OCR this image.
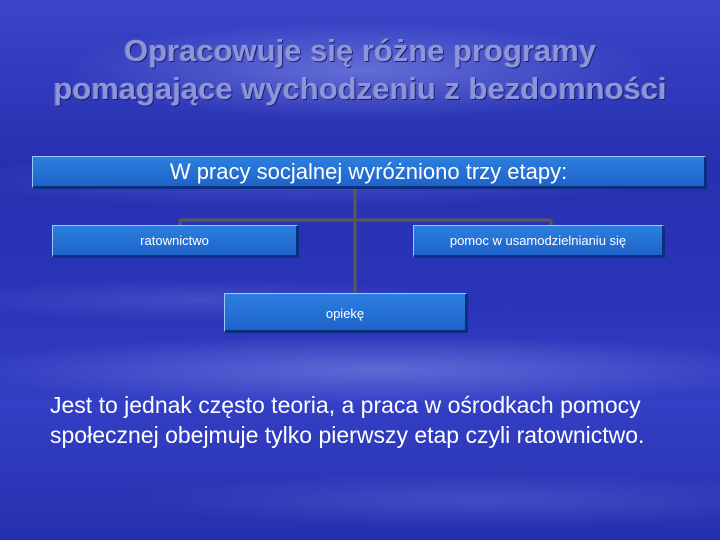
Opracowuje się różne programy
pomagające wychodzeniu z bezdomności
W pracy socjalnej wyróżniono trzy etapy:
ratownictwo	pomoc w usamodzielnianiu się
opiekę
Jest to jednak często teoria, a praca w ośrodkach pomocy społecznej obejmuje tylko pierwszy etap czyli ratownictwo.
